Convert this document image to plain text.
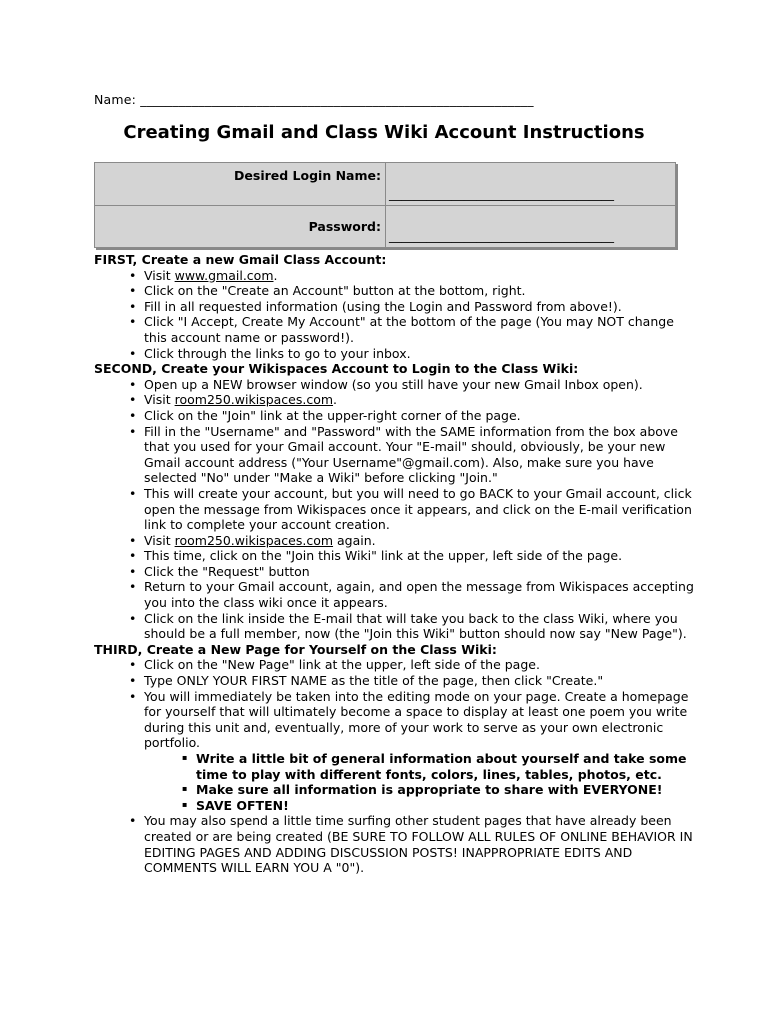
Name: _____________________________________________________________
Creating Gmail and Class Wiki Account Instructions
Desired Login Name:	____________________________________
Password:	____________________________________

FIRST, Create a new Gmail Class Account:

• Visit www.gmail.com.
• Click on the "Create an Account" button at the bottom, right.
• Fill in all requested information (using the Login and Password from above!).
• Click "I Accept, Create My Account" at the bottom of the page (You may NOT change this account name or password!).
• Click through the links to go to your inbox.

SECOND, Create your Wikispaces Account to Login to the Class Wiki:

• Open up a NEW browser window (so you still have your new Gmail Inbox open).
• Visit room250.wikispaces.com.
• Click on the "Join" link at the upper-right corner of the page.
• Fill in the "Username" and "Password" with the SAME information from the box above that you used for your Gmail account. Your "E-mail" should, obviously, be your new Gmail account address ("Your Username"@gmail.com). Also, make sure you have selected "No" under "Make a Wiki" before clicking "Join."
• This will create your account, but you will need to go BACK to your Gmail account, click open the message from Wikispaces once it appears, and click on the E-mail verification link to complete your account creation.
• Visit room250.wikispaces.com again.
• This time, click on the "Join this Wiki" link at the upper, left side of the page.
• Click the "Request" button
• Return to your Gmail account, again, and open the message from Wikispaces accepting you into the class wiki once it appears.
• Click on the link inside the E-mail that will take you back to the class Wiki, where you should be a full member, now (the "Join this Wiki" button should now say "New Page").

THIRD, Create a New Page for Yourself on the Class Wiki:

• Click on the "New Page" link at the upper, left side of the page.
• Type ONLY YOUR FIRST NAME as the title of the page, then click "Create."
• You will immediately be taken into the editing mode on your page. Create a homepage for yourself that will ultimately become a space to display at least one poem you write during this unit and, eventually, more of your work to serve as your own electronic portfolio.
▪ Write a little bit of general information about yourself and take some time to play with different fonts, colors, lines, tables, photos, etc.
▪ Make sure all information is appropriate to share with EVERYONE!
▪ SAVE OFTEN!
• You may also spend a little time surfing other student pages that have already been created or are being created (BE SURE TO FOLLOW ALL RULES OF ONLINE BEHAVIOR IN EDITING PAGES AND ADDING DISCUSSION POSTS! INAPPROPRIATE EDITS AND COMMENTS WILL EARN YOU A "0").
